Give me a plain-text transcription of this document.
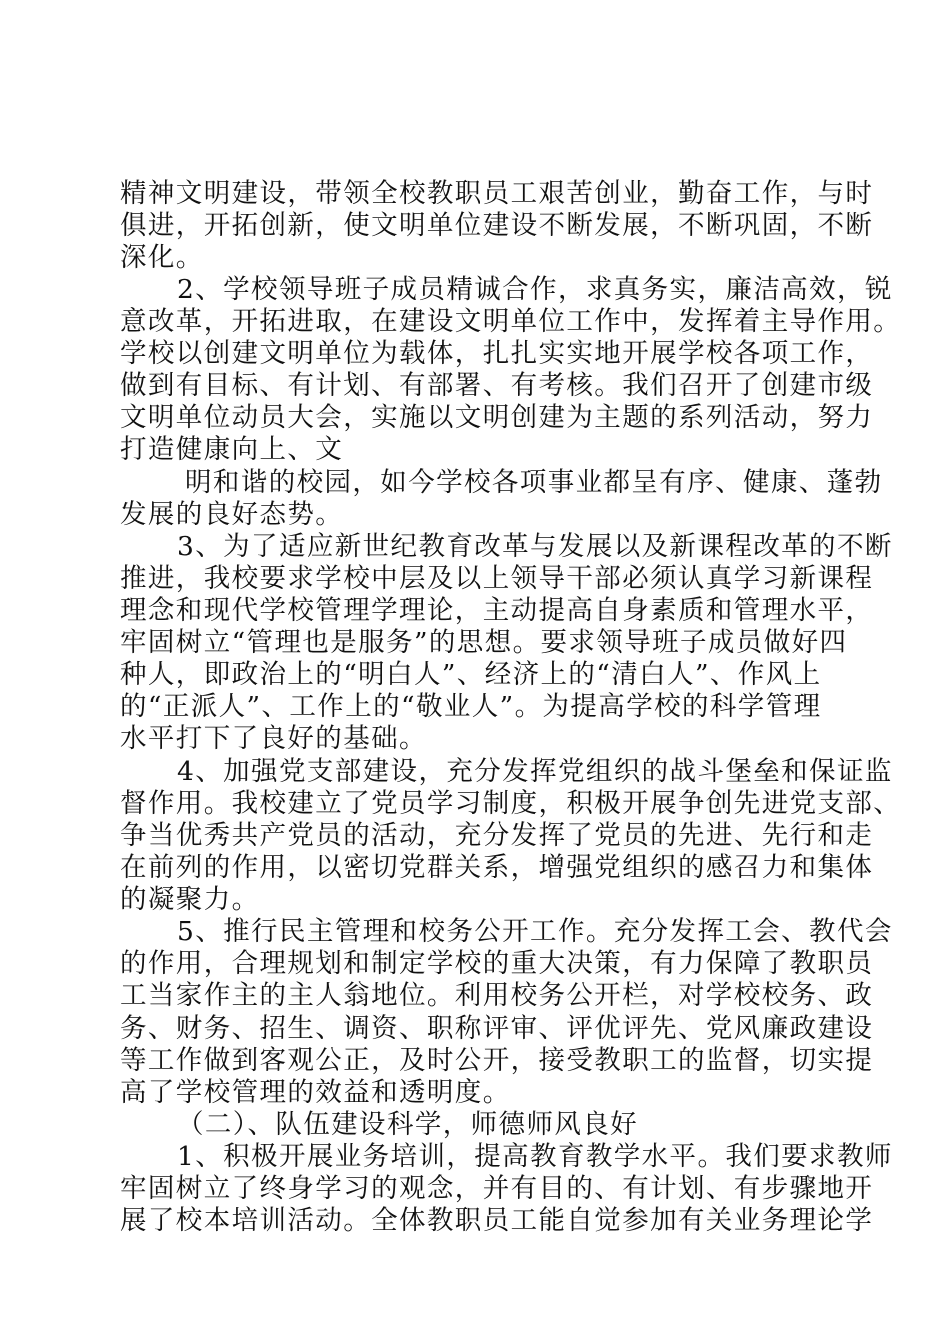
精神文明建设，带领全校教职员工艰苦创业，勤奋工作，与时
俱进，开拓创新，使文明单位建设不断发展，不断巩固，不断
深化。
2、学校领导班子成员精诚合作，求真务实，廉洁高效，锐
意改革，开拓进取，在建设文明单位工作中，发挥着主导作用。
学校以创建文明单位为载体，扎扎实实地开展学校各项工作，
做到有目标、有计划、有部署、有考核。我们召开了创建市级
文明单位动员大会，实施以文明创建为主题的系列活动，努力
打造健康向上、文
明和谐的校园，如今学校各项事业都呈有序、健康、蓬勃
发展的良好态势。
3、为了适应新世纪教育改革与发展以及新课程改革的不断
推进，我校要求学校中层及以上领导干部必须认真学习新课程
理念和现代学校管理学理论，主动提高自身素质和管理水平，
牢固树立“管理也是服务”的思想。要求领导班子成员做好四
种人，即政治上的“明白人”、经济上的“清白人”、作风上
的“正派人”、工作上的“敬业人”。为提高学校的科学管理
水平打下了良好的基础。
4、加强党支部建设，充分发挥党组织的战斗堡垒和保证监
督作用。我校建立了党员学习制度，积极开展争创先进党支部、
争当优秀共产党员的活动，充分发挥了党员的先进、先行和走
在前列的作用，以密切党群关系，增强党组织的感召力和集体
的凝聚力。
5、推行民主管理和校务公开工作。充分发挥工会、教代会
的作用，合理规划和制定学校的重大决策，有力保障了教职员
工当家作主的主人翁地位。利用校务公开栏，对学校校务、政
务、财务、招生、调资、职称评审、评优评先、党风廉政建设
等工作做到客观公正，及时公开，接受教职工的监督，切实提
高了学校管理的效益和透明度。
（二）、队伍建设科学，师德师风良好
1、积极开展业务培训，提高教育教学水平。我们要求教师
牢固树立了终身学习的观念，并有目的、有计划、有步骤地开
展了校本培训活动。全体教职员工能自觉参加有关业务理论学
